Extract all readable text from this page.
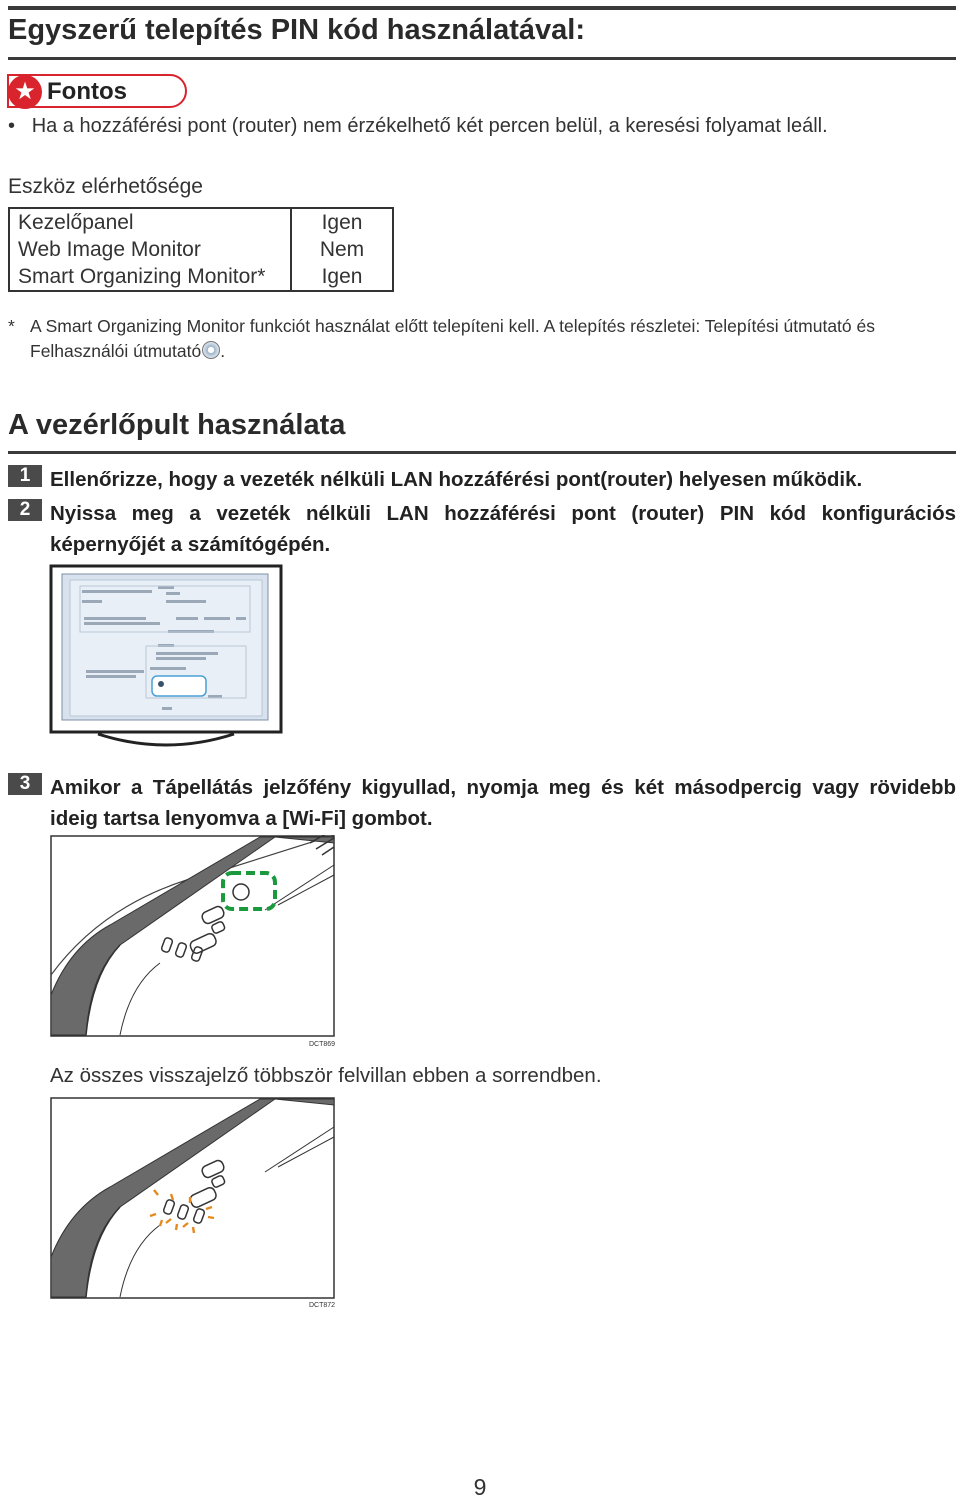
Egyszerű telepítés PIN kód használatával:
★ Fontos
• Ha a hozzáférési pont (router) nem érzékelhető két percen belül, a keresési folyamat leáll.
Eszköz elérhetősége
Kezelőpanel	Igen
Web Image Monitor	Nem
Smart Organizing Monitor*	Igen
* A Smart Organizing Monitor funkciót használat előtt telepíteni kell. A telepítés részletei: Telepítési útmutató és Felhasználói útmutató .
A vezérlőpult használata
1 Ellenőrizze, hogy a vezeték nélküli LAN hozzáférési pont(router) helyesen működik.
2 Nyissa meg a vezeték nélküli LAN hozzáférési pont (router) PIN kód konfigurációs képernyőjét a számítógépén.
3 Amikor a Tápellátás jelzőfény kigyullad, nyomja meg és két másodpercig vagy rövidebb ideig tartsa lenyomva a [Wi-Fi] gombot.
DCT869
Az összes visszajelző többször felvillan ebben a sorrendben.
DCT872
9
